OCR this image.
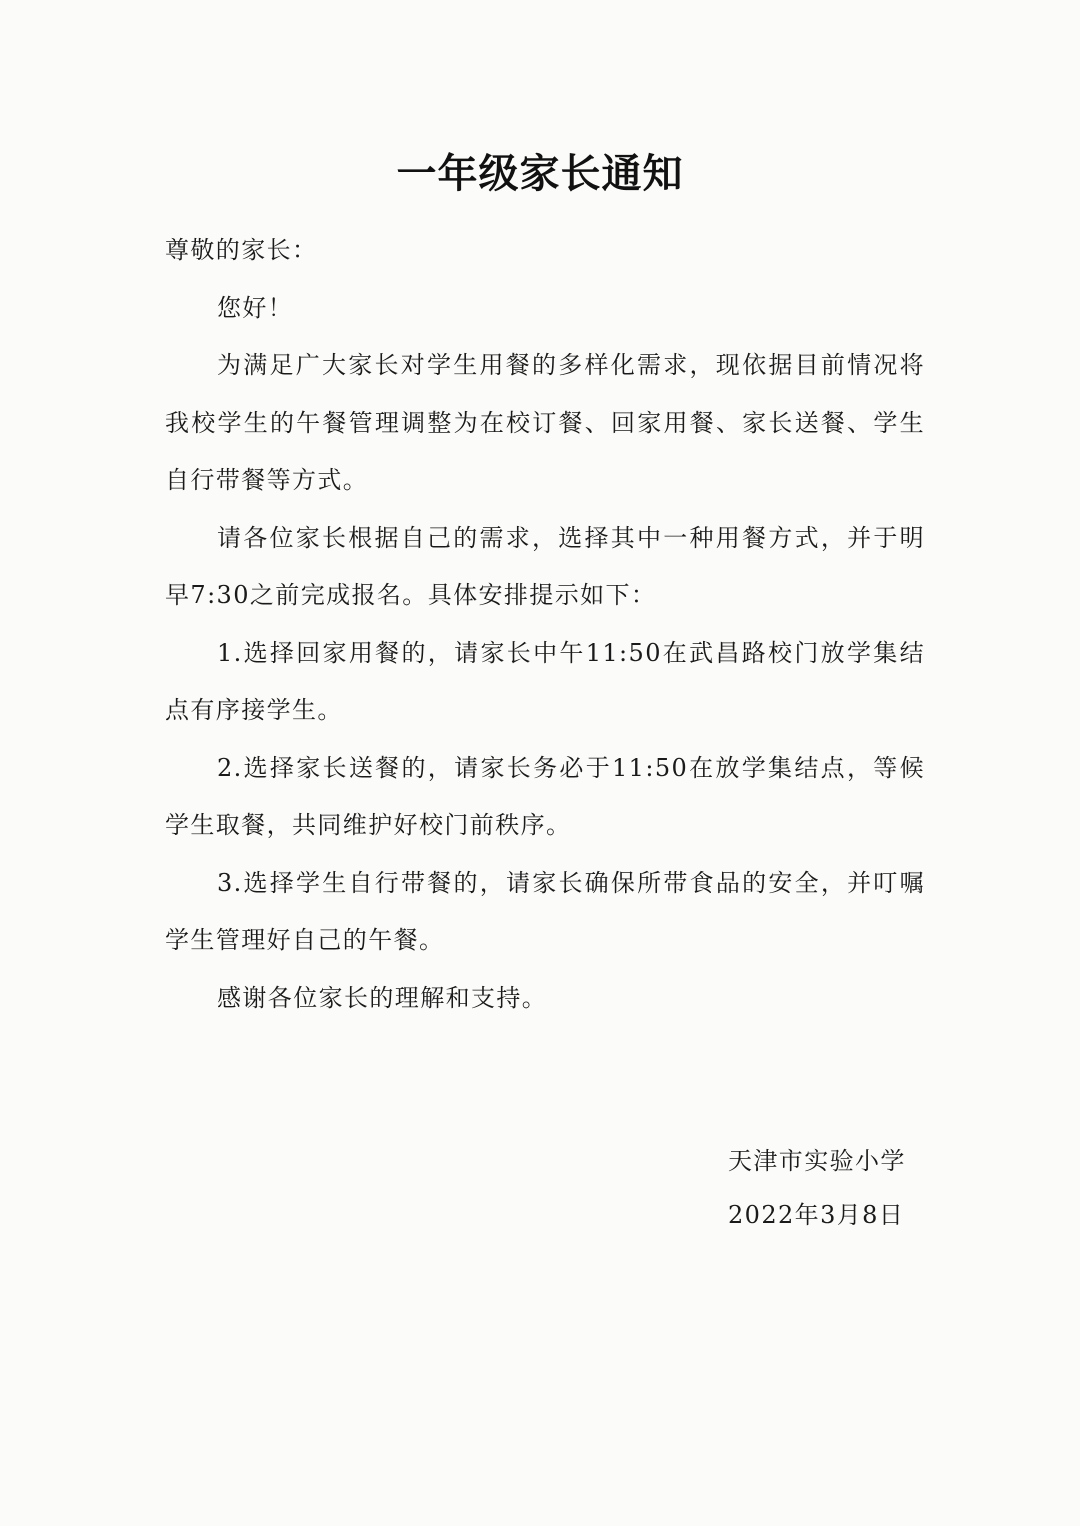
一年级家长通知

尊敬的家长：

您好！

为满足广大家长对学生用餐的多样化需求，现依据目前情况将我校学生的午餐管理调整为在校订餐、回家用餐、家长送餐、学生自行带餐等方式。

请各位家长根据自己的需求，选择其中一种用餐方式，并于明早7:30之前完成报名。具体安排提示如下：

1.选择回家用餐的，请家长中午11:50在武昌路校门放学集结点有序接学生。

2.选择家长送餐的，请家长务必于11:50在放学集结点，等候学生取餐，共同维护好校门前秩序。

3.选择学生自行带餐的，请家长确保所带食品的安全，并叮嘱学生管理好自己的午餐。

感谢各位家长的理解和支持。

天津市实验小学
2022年3月8日
